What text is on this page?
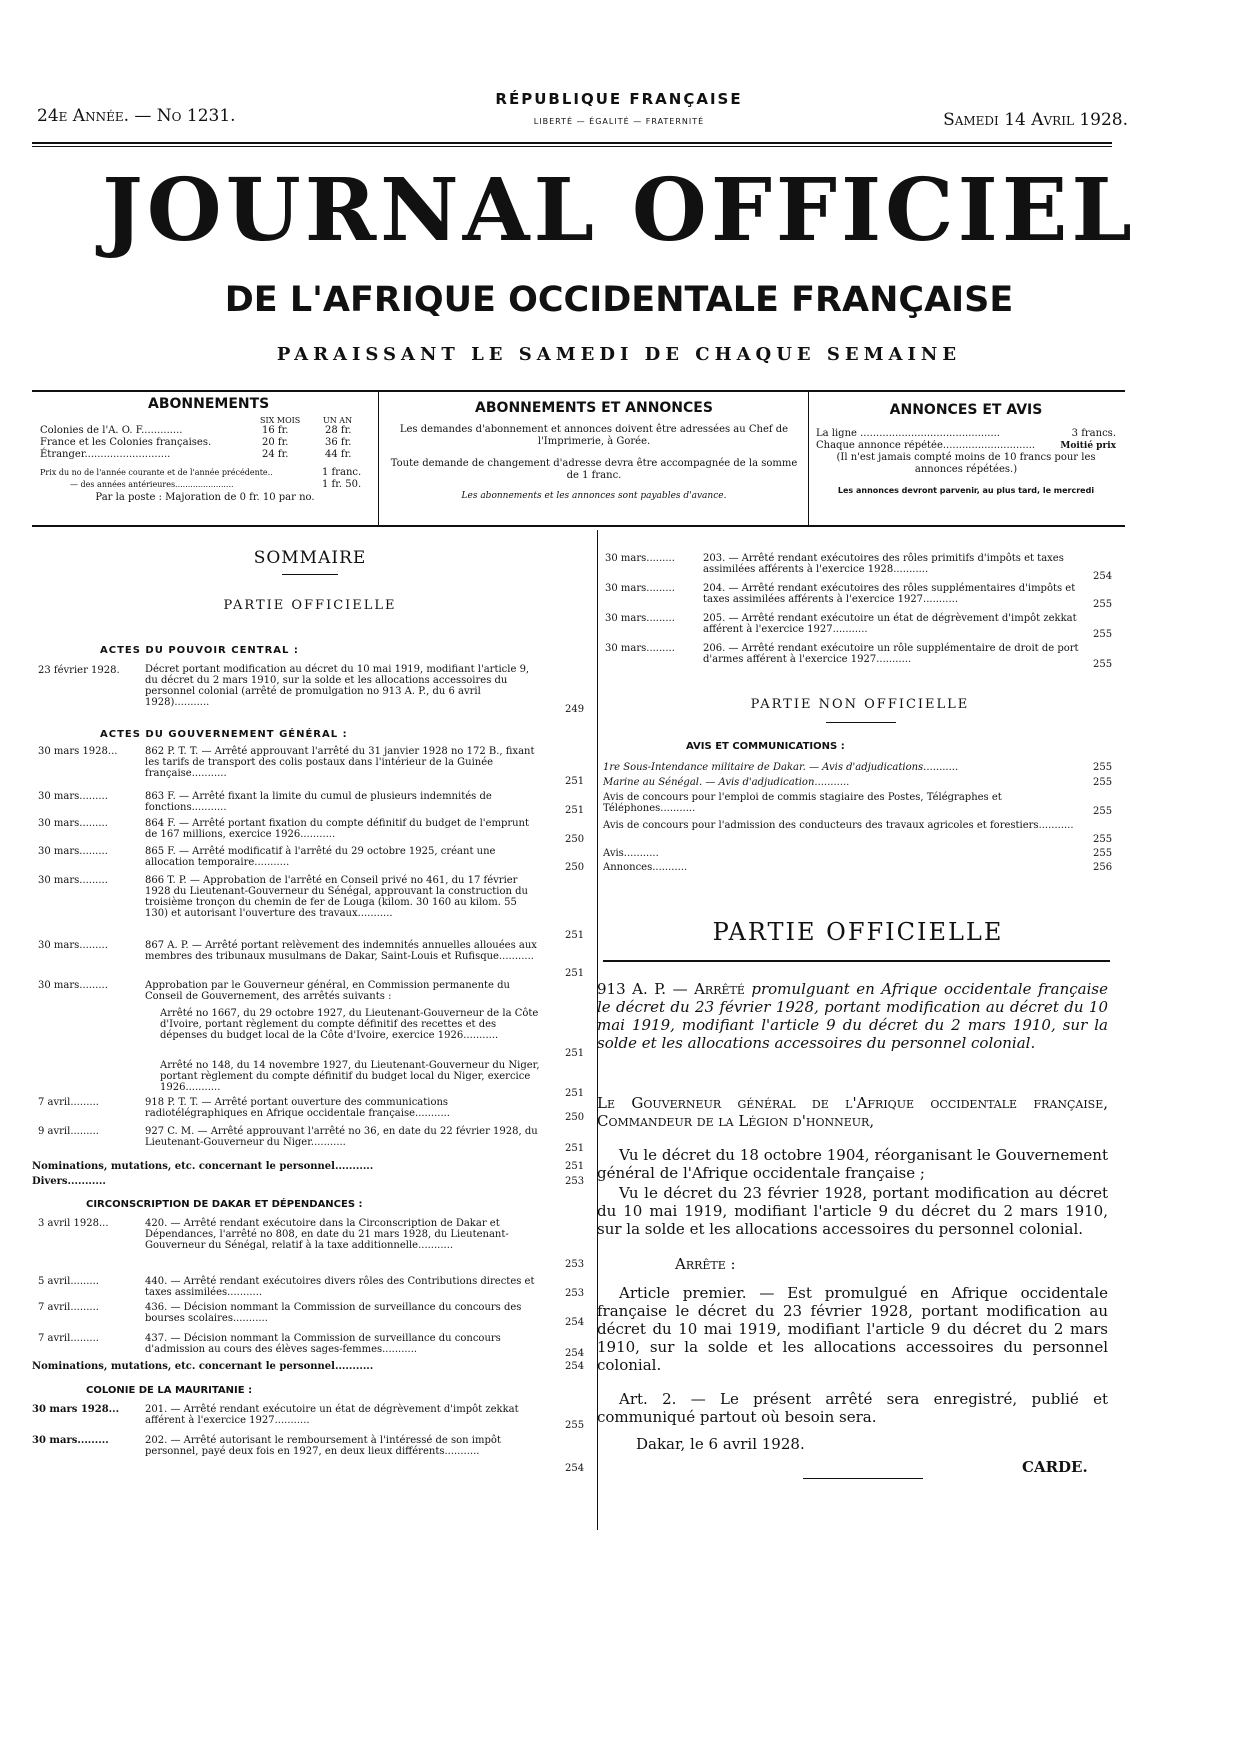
RÉPUBLIQUE FRANÇAISE
LIBERTÉ — ÉGALITÉ — FRATERNITÉ
24e Année. — No 1231.	Samedi 14 Avril 1928.
JOURNAL OFFICIEL
DE L'AFRIQUE OCCIDENTALE FRANÇAISE
PARAISSANT LE SAMEDI DE CHAQUE SEMAINE
ABONNEMENTS
SIX MOIS	UN AN
Colonies de l'A. O. F.............	16 fr.	28 fr.
France et les Colonies françaises.	20 fr.	36 fr.
Étranger...........................	24 fr.	44 fr.
Prix du no de l'année courante et de l'année précédente..	1 franc.
— des années antérieures.......................	1 fr. 50.
Par la poste : Majoration de 0 fr. 10 par no.
ABONNEMENTS ET ANNONCES
Les demandes d'abonnement et annonces doivent être adressées au Chef de l'Imprimerie, à Gorée.
Toute demande de changement d'adresse devra être accompagnée de la somme de 1 franc.
Les abonnements et les annonces sont payables d'avance.
ANNONCES ET AVIS
La ligne ............................................	3 francs.
Chaque annonce répétée.............................	Moitié prix
(Il n'est jamais compté moins de 10 francs pour les annonces répétées.)
Les annonces devront parvenir, au plus tard, le mercredi
SOMMAIRE
PARTIE OFFICIELLE
ACTES DU POUVOIR CENTRAL :
23 février 1928.	Décret portant modification au décret du 10 mai 1919, modifiant l'article 9, du décret du 2 mars 1910, sur la solde et les allocations accessoires du personnel colonial (arrêté de promulgation no 913 A. P., du 6 avril 1928)...........
249
ACTES DU GOUVERNEMENT GÉNÉRAL :
30 mars 1928...	862 P. T. T. — Arrêté approuvant l'arrêté du 31 janvier 1928 no 172 B., fixant les tarifs de transport des colis postaux dans l'intérieur de la Guinée française...........
251
30 mars.........	863 F. — Arrêté fixant la limite du cumul de plusieurs indemnités de fonctions...........	251
30 mars.........	864 F. — Arrêté portant fixation du compte définitif du budget de l'emprunt de 167 millions, exercice 1926...........	250
30 mars.........	865 F. — Arrêté modificatif à l'arrêté du 29 octobre 1925, créant une allocation temporaire...........	250
30 mars.........	866 T. P. — Approbation de l'arrêté en Conseil privé no 461, du 17 février 1928 du Lieutenant-Gouverneur du Sénégal, approuvant la construction du troisième tronçon du chemin de fer de Louga (kilom. 30 160 au kilom. 55 130) et autorisant l'ouverture des travaux...........
251
30 mars.........	867 A. P. — Arrêté portant relèvement des indemnités annuelles allouées aux membres des tribunaux musulmans de Dakar, Saint-Louis et Rufisque...........
251
30 mars.........	Approbation par le Gouverneur général, en Commission permanente du Conseil de Gouvernement, des arrêtés suivants :
Arrêté no 1667, du 29 octobre 1927, du Lieutenant-Gouverneur de la Côte d'Ivoire, portant règlement du compte définitif des recettes et des dépenses du budget local de la Côte d'Ivoire, exercice 1926...........
251
Arrêté no 148, du 14 novembre 1927, du Lieutenant-Gouverneur du Niger, portant règlement du compte définitif du budget local du Niger, exercice 1926...........
251
7 avril.........	918 P. T. T. — Arrêté portant ouverture des communications radiotélégraphiques en Afrique occidentale française...........	250
9 avril.........	927 C. M. — Arrêté approuvant l'arrêté no 36, en date du 22 février 1928, du Lieutenant-Gouverneur du Niger...........
251
Nominations, mutations, etc. concernant le personnel...........	251
Divers...........	253
CIRCONSCRIPTION DE DAKAR ET DÉPENDANCES :
3 avril 1928...	420. — Arrêté rendant exécutoire dans la Circonscription de Dakar et Dépendances, l'arrêté no 808, en date du 21 mars 1928, du Lieutenant-Gouverneur du Sénégal, relatif à la taxe additionnelle...........
253
5 avril.........	440. — Arrêté rendant exécutoires divers rôles des Contributions directes et taxes assimilées...........	253
7 avril.........	436. — Décision nommant la Commission de surveillance du concours des bourses scolaires...........	254
7 avril.........	437. — Décision nommant la Commission de surveillance du concours d'admission au cours des élèves sages-femmes...........	254
Nominations, mutations, etc. concernant le personnel...........	254
COLONIE DE LA MAURITANIE :
30 mars 1928...	201. — Arrêté rendant exécutoire un état de dégrèvement d'impôt zekkat afférent à l'exercice 1927...........	255
30 mars.........	202. — Arrêté autorisant le remboursement à l'intéressé de son impôt personnel, payé deux fois en 1927, en deux lieux différents...........
254
30 mars.........	203. — Arrêté rendant exécutoires des rôles primitifs d'impôts et taxes assimilées afférents à l'exercice 1928...........
254
30 mars.........	204. — Arrêté rendant exécutoires des rôles supplémentaires d'impôts et taxes assimilées afférents à l'exercice 1927...........	255
30 mars.........	205. — Arrêté rendant exécutoire un état de dégrèvement d'impôt zekkat afférent à l'exercice 1927...........	255
30 mars.........	206. — Arrêté rendant exécutoire un rôle supplémentaire de droit de port d'armes afférent à l'exercice 1927...........	255
PARTIE NON OFFICIELLE
AVIS ET COMMUNICATIONS :
1re Sous-Intendance militaire de Dakar. — Avis d'adjudications...........	255
Marine au Sénégal. — Avis d'adjudication...........	255
Avis de concours pour l'emploi de commis stagiaire des Postes, Télégraphes et Téléphones...........	255
Avis de concours pour l'admission des conducteurs des travaux agricoles et forestiers...........
255
Avis...........	255
Annonces...........	256
PARTIE OFFICIELLE
913 A. P. — Arrêté promulguant en Afrique occidentale française le décret du 23 février 1928, portant modification au décret du 10 mai 1919, modifiant l'article 9 du décret du 2 mars 1910, sur la solde et les allocations accessoires du personnel colonial.
Le Gouverneur général de l'Afrique occidentale française, Commandeur de la Légion d'honneur,
Vu le décret du 18 octobre 1904, réorganisant le Gouvernement général de l'Afrique occidentale française ;
Vu le décret du 23 février 1928, portant modification au décret du 10 mai 1919, modifiant l'article 9 du décret du 2 mars 1910, sur la solde et les allocations accessoires du personnel colonial.
Arrête :
Article premier. — Est promulgué en Afrique occidentale française le décret du 23 février 1928, portant modification au décret du 10 mai 1919, modifiant l'article 9 du décret du 2 mars 1910, sur la solde et les allocations accessoires du personnel colonial.
Art. 2. — Le présent arrêté sera enregistré, publié et communiqué partout où besoin sera.
Dakar, le 6 avril 1928.
CARDE.
